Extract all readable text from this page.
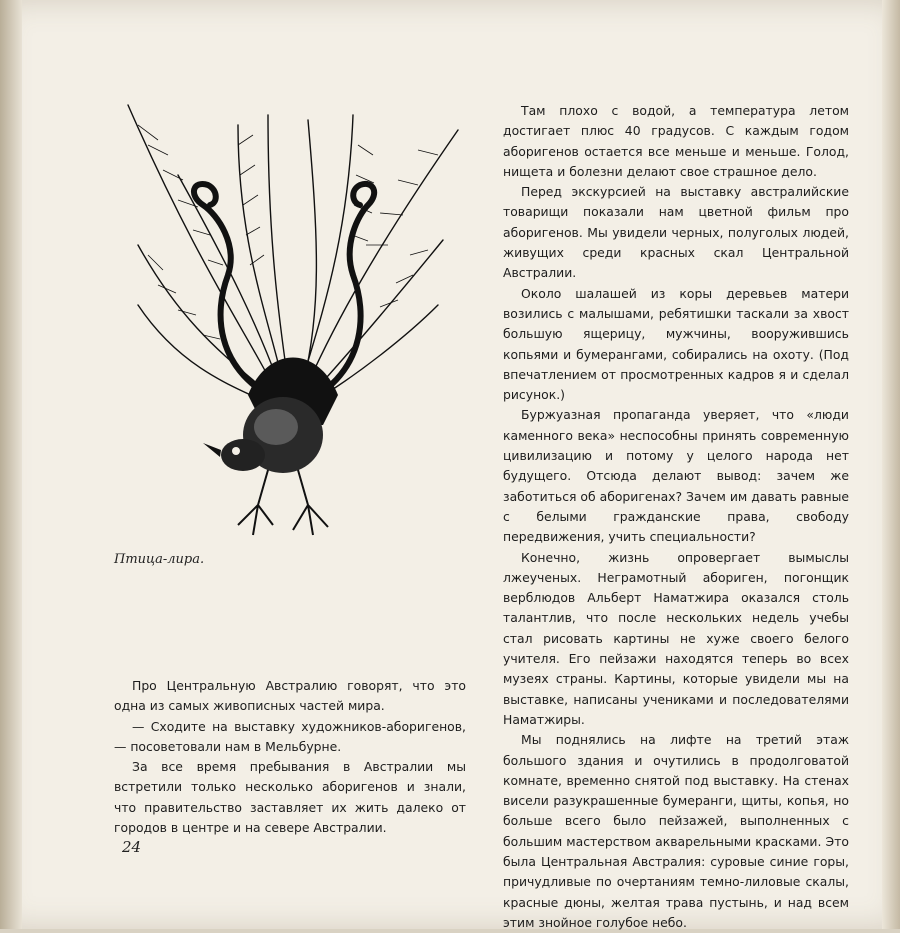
Птица-лира.

Про Центральную Австралию говорят, что это одна из самых живописных частей мира.

— Сходите на выставку художников-аборигенов, — посоветовали нам в Мельбурне.

За все время пребывания в Австралии мы встретили только несколько аборигенов и знали, что правительство заставляет их жить далеко от городов в центре и на севере Австралии.

Там плохо с водой, а температура летом достигает плюс 40 градусов. С каждым годом аборигенов остается все меньше и меньше. Голод, нищета и болезни делают свое страшное дело.

Перед экскурсией на выставку австралийские товарищи показали нам цветной фильм про аборигенов. Мы увидели черных, полуголых людей, живущих среди красных скал Центральной Австралии.

Около шалашей из коры деревьев матери возились с малышами, ребятишки таскали за хвост большую ящерицу, мужчины, вооружившись копьями и бумерангами, собирались на охоту. (Под впечатлением от просмотренных кадров я и сделал рисунок.)

Буржуазная пропаганда уверяет, что «люди каменного века» неспособны принять современную цивилизацию и потому у целого народа нет будущего. Отсюда делают вывод: зачем же заботиться об аборигенах? Зачем им давать равные с белыми гражданские права, свободу передвижения, учить специальности?

Конечно, жизнь опровергает вымыслы лжеученых. Неграмотный абориген, погонщик верблюдов Альберт Наматжира оказался столь талантлив, что после нескольких недель учебы стал рисовать картины не хуже своего белого учителя. Его пейзажи находятся теперь во всех музеях страны. Картины, которые увидели мы на выставке, написаны учениками и последователями Наматжиры.

Мы поднялись на лифте на третий этаж большого здания и очутились в продолговатой комнате, временно снятой под выставку. На стенах висели разукрашенные бумеранги, щиты, копья, но больше всего было пейзажей, выполненных с большим мастерством акварельными красками. Это была Центральная Австралия: суровые синие горы, причудливые по очертаниям темно-лиловые скалы, красные дюны, желтая трава пустынь, и над всем этим знойное голубое небо.

24
